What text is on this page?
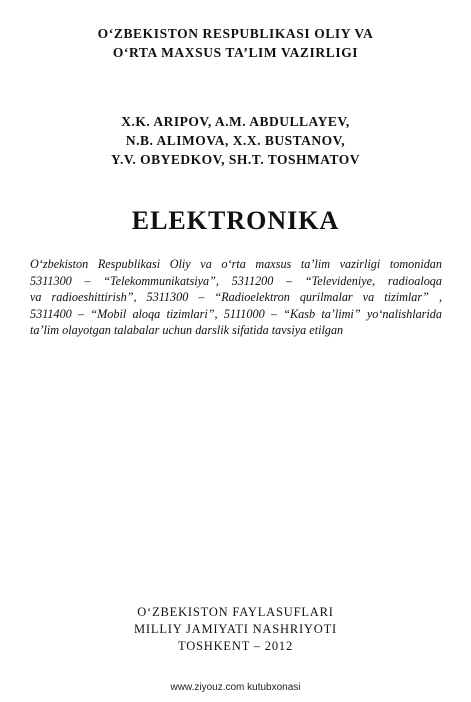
O‘ZBEKISTON RESPUBLIKASI OLIY VA
O‘RTA MAXSUS TA’LIM VAZIRLIGI
X.K. ARIPOV, A.M. ABDULLAYEV,
N.B. ALIMOVA, X.X. BUSTANOV,
Y.V. OBYEDKOV, SH.T. TOSHMATOV
ELEKTRONIKA
O‘zbekiston Respublikasi Oliy va o‘rta maxsus ta’lim vazirligi tomonidan
5311300 – “Telekommunikatsiya”, 5311200 – “Televideniye, radioaloqa
va radioeshittirish”, 5311300 – “Radioelektron qurilmalar va tizimlar” ,
5311400 – “Mobil aloqa tizimlari”, 5111000 – “Kasb ta’limi” yo‘nalishlarida
ta’lim olayotgan talabalar uchun darslik sifatida tavsiya etilgan
O‘ZBEKISTON FAYLASUFLARI
MILLIY JAMIYATI NASHRIYOTI
TOSHKENT – 2012
www.ziyouz.com kutubxonasi
